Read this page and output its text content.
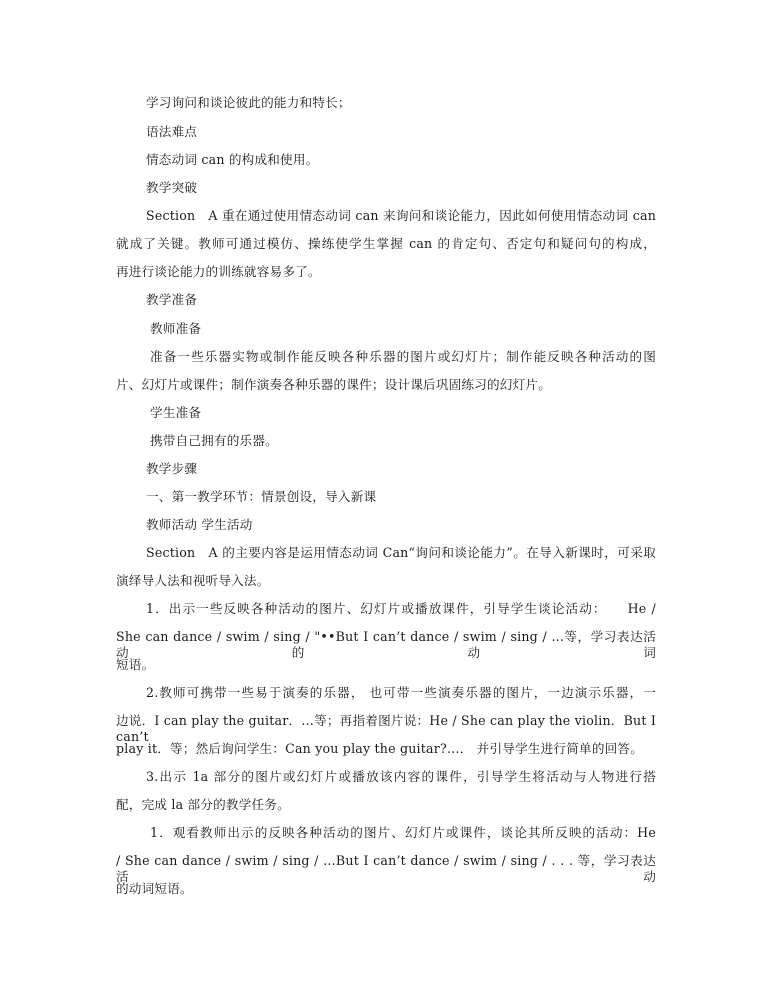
学习询问和谈论彼此的能力和特长；
语法难点
情态动词 can 的构成和使用。
教学突破
Section　A 重在通过使用情态动词 can 来询问和谈论能力，因此如何使用情态动词 can
就成了关键。教师可通过模仿、操练使学生掌握 can 的肯定句、否定句和疑问句的构成，
再进行谈论能力的训练就容易多了。
教学准备
教师准备
准备一些乐器实物或制作能反映各种乐器的图片或幻灯片；制作能反映各种活动的图
片、幻灯片或课件；制作演奏各种乐器的课件；设计课后巩固练习的幻灯片。
学生准备
携带自己拥有的乐器。
教学步骤
一、第一教学环节：情景创设，导入新课
教师活动 学生活动
Section　A 的主要内容是运用情态动词 Can“询问和谈论能力”。在导入新课时，可采取
演绎导人法和视听导入法。
1．出示一些反映各种活动的图片、幻灯片或播放课件，引导学生谈论活动：　　He /
She can dance / swim / sing / "••But I can’t dance / swim / sing / ...等，学习表达活动的动词
短语。
2.教师可携带一些易于演奏的乐器， 也可带一些演奏乐器的图片，一边演示乐器，一
边说．I can play the guitar．…等；再指着图片说：He / She can play the violin．But I can’t
play it．等；然后询问学生：Can you play the guitar?…． 并引导学生进行简单的回答。
3.出示 1a 部分的图片或幻灯片或播放该内容的课件，引导学生将活动与人物进行搭
配，完成 la 部分的教学任务。
1．观看教师出示的反映各种活动的图片、幻灯片或课件，谈论其所反映的活动：He
/ She can dance / swim / sing / …But I can’t dance / swim / sing / . . . 等，学习表达活动
的动词短语。
